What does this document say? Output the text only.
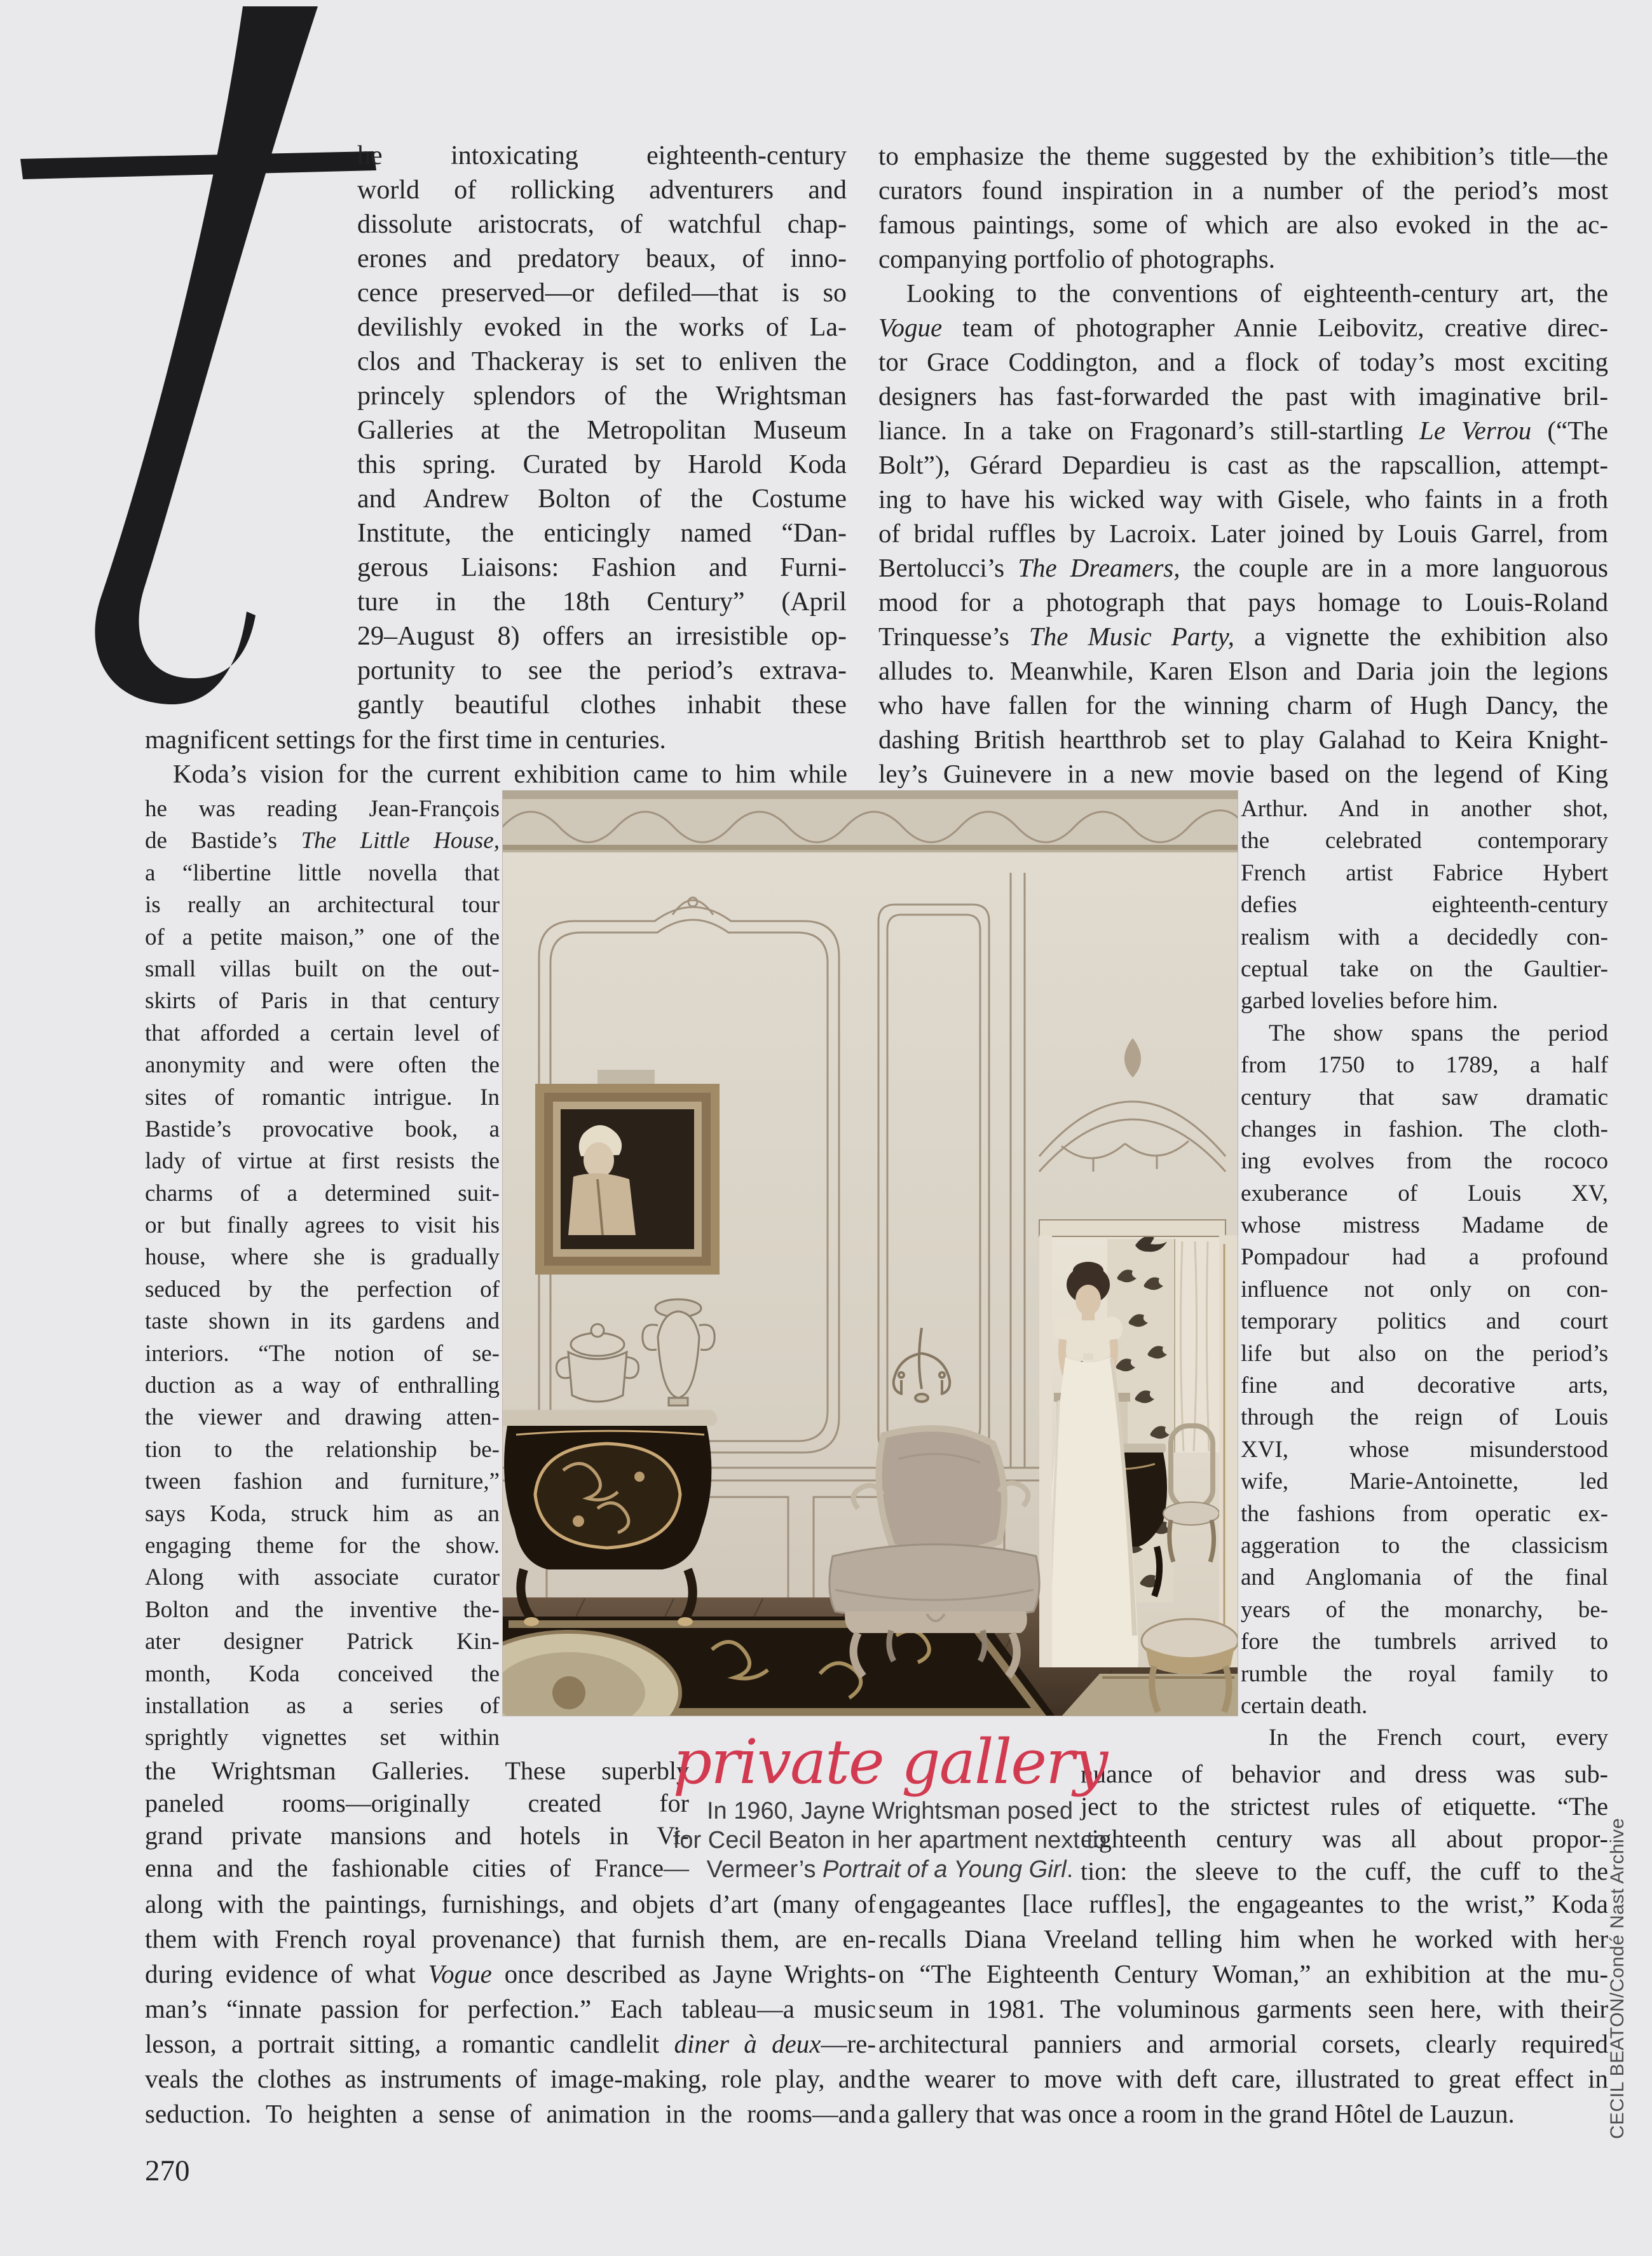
he intoxicating eighteenth-century
world of rollicking adventurers and
dissolute aristocrats, of watchful chap-
erones and predatory beaux, of inno-
cence preserved—or defiled—that is so
devilishly evoked in the works of La-
clos and Thackeray is set to enliven the
princely splendors of the Wrightsman
Galleries at the Metropolitan Museum
this spring. Curated by Harold Koda
and Andrew Bolton of the Costume
Institute, the enticingly named “Dan-
gerous Liaisons: Fashion and Furni-
ture in the 18th Century” (April
29–August 8) offers an irresistible op-
portunity to see the period’s extrava-
gantly beautiful clothes inhabit these
magnificent settings for the first time in centuries.
Koda’s vision for the current exhibition came to him while
he was reading Jean-François
de Bastide’s The Little House,
a “libertine little novella that
is really an architectural tour
of a petite maison,” one of the
small villas built on the out-
skirts of Paris in that century
that afforded a certain level of
anonymity and were often the
sites of romantic intrigue. In
Bastide’s provocative book, a
lady of virtue at first resists the
charms of a determined suit-
or but finally agrees to visit his
house, where she is gradually
seduced by the perfection of
taste shown in its gardens and
interiors. “The notion of se-
duction as a way of enthralling
the viewer and drawing atten-
tion to the relationship be-
tween fashion and furniture,”
says Koda, struck him as an
engaging theme for the show.
Along with associate curator
Bolton and the inventive the-
ater designer Patrick Kin-
month, Koda conceived the
installation as a series of
sprightly vignettes set within
the Wrightsman Galleries. These superbly
paneled rooms—originally created for
grand private mansions and hotels in Vi-
enna and the fashionable cities of France—
along with the paintings, furnishings, and objets d’art (many of
them with French royal provenance) that furnish them, are en-
during evidence of what Vogue once described as Jayne Wrights-
man’s “innate passion for perfection.” Each tableau—a music
lesson, a portrait sitting, a romantic candlelit diner à deux—re-
veals the clothes as instruments of image-making, role play, and
seduction. To heighten a sense of animation in the rooms—and
to emphasize the theme suggested by the exhibition’s title—the
curators found inspiration in a number of the period’s most
famous paintings, some of which are also evoked in the ac-
companying portfolio of photographs.
Looking to the conventions of eighteenth-century art, the
Vogue team of photographer Annie Leibovitz, creative direc-
tor Grace Coddington, and a flock of today’s most exciting
designers has fast-forwarded the past with imaginative bril-
liance. In a take on Fragonard’s still-startling Le Verrou (“The
Bolt”), Gérard Depardieu is cast as the rapscallion, attempt-
ing to have his wicked way with Gisele, who faints in a froth
of bridal ruffles by Lacroix. Later joined by Louis Garrel, from
Bertolucci’s The Dreamers, the couple are in a more languorous
mood for a photograph that pays homage to Louis-Roland
Trinquesse’s The Music Party, a vignette the exhibition also
alludes to. Meanwhile, Karen Elson and Daria join the legions
who have fallen for the winning charm of Hugh Dancy, the
dashing British heartthrob set to play Galahad to Keira Knight-
ley’s Guinevere in a new movie based on the legend of King
Arthur. And in another shot,
the celebrated contemporary
French artist Fabrice Hybert
defies eighteenth-century
realism with a decidedly con-
ceptual take on the Gaultier-
garbed lovelies before him.
The show spans the period
from 1750 to 1789, a half
century that saw dramatic
changes in fashion. The cloth-
ing evolves from the rococo
exuberance of Louis XV,
whose mistress Madame de
Pompadour had a profound
influence not only on con-
temporary politics and court
life but also on the period’s
fine and decorative arts,
through the reign of Louis
XVI, whose misunderstood
wife, Marie-Antoinette, led
the fashions from operatic ex-
aggeration to the classicism
and Anglomania of the final
years of the monarchy, be-
fore the tumbrels arrived to
rumble the royal family to
certain death.
In the French court, every
nuance of behavior and dress was sub-
ject to the strictest rules of etiquette. “The
eighteenth century was all about propor-
tion: the sleeve to the cuff, the cuff to the
engageantes [lace ruffles], the engageantes to the wrist,” Koda
recalls Diana Vreeland telling him when he worked with her
on “The Eighteenth Century Woman,” an exhibition at the mu-
seum in 1981. The voluminous garments seen here, with their
architectural panniers and armorial corsets, clearly required
the wearer to move with deft care, illustrated to great effect in
a gallery that was once a room in the grand Hôtel de Lauzun.
private gallery
In 1960, Jayne Wrightsman posed
for Cecil Beaton in her apartment next to
Vermeer’s Portrait of a Young Girl.
270
CECIL BEATON/Condé Nast Archive
